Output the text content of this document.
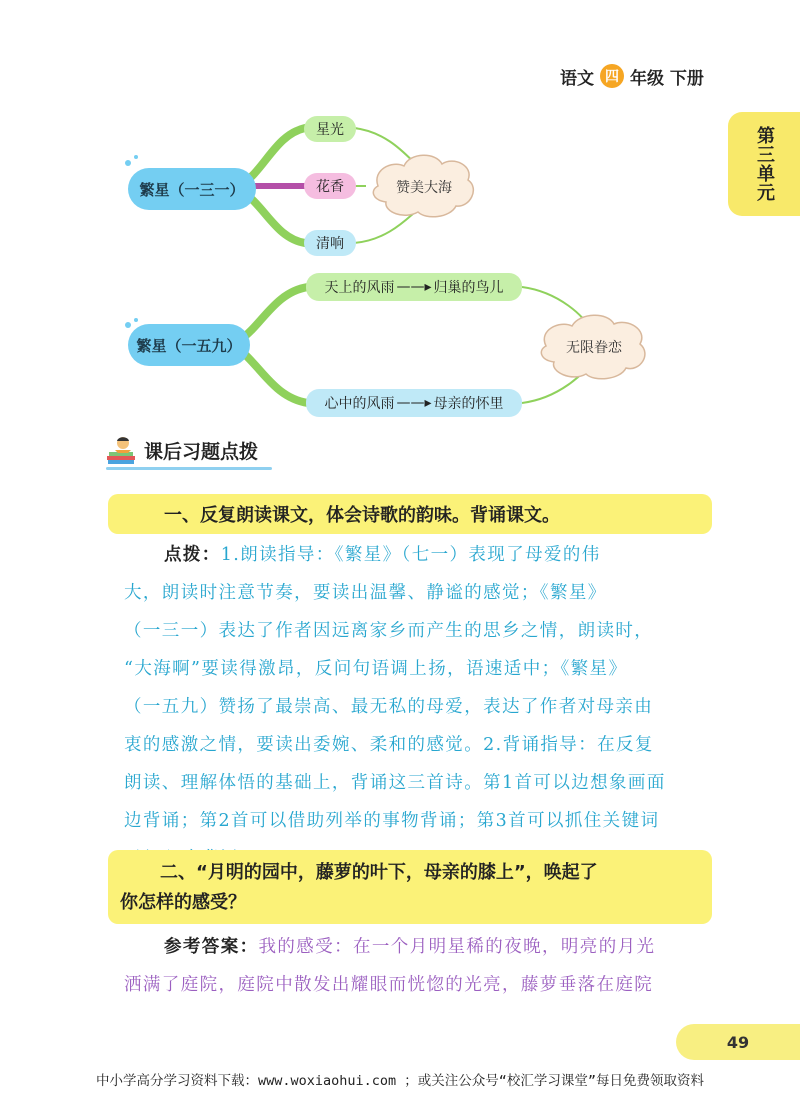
语文 四 年级 下册
第三单元
繁星（一三一）
星光
花香
清响
赞美大海
繁星（一五九）
天上的风雨 ——▸ 归巢的鸟儿
心中的风雨 ——▸ 母亲的怀里
无限眷恋
课后习题点拨
一、反复朗读课文，体会诗歌的韵味。背诵课文。
点拨：1.朗读指导：《繁星》（七一）表现了母爱的伟
大，朗读时注意节奏，要读出温馨、静谧的感觉；《繁星》
（一三一）表达了作者因远离家乡而产生的思乡之情，朗读时，
“大海啊”要读得激昂，反问句语调上扬，语速适中；《繁星》
（一五九）赞扬了最崇高、最无私的母爱，表达了作者对母亲由
衷的感激之情，要读出委婉、柔和的感觉。2.背诵指导：在反复
朗读、理解体悟的基础上，背诵这三首诗。第1首可以边想象画面
边背诵；第2首可以借助列举的事物背诵；第3首可以抓住关键词
二、“月明的园中，藤萝的叶下，母亲的膝上”，唤起了
你怎样的感受？
参考答案：我的感受：在一个月明星稀的夜晚，明亮的月光
洒满了庭院，庭院中散发出耀眼而恍惚的光亮，藤萝垂落在庭院
49
中小学高分学习资料下载：www.woxiaohui.com ；或关注公众号“校汇学习课堂”每日免费领取资料
